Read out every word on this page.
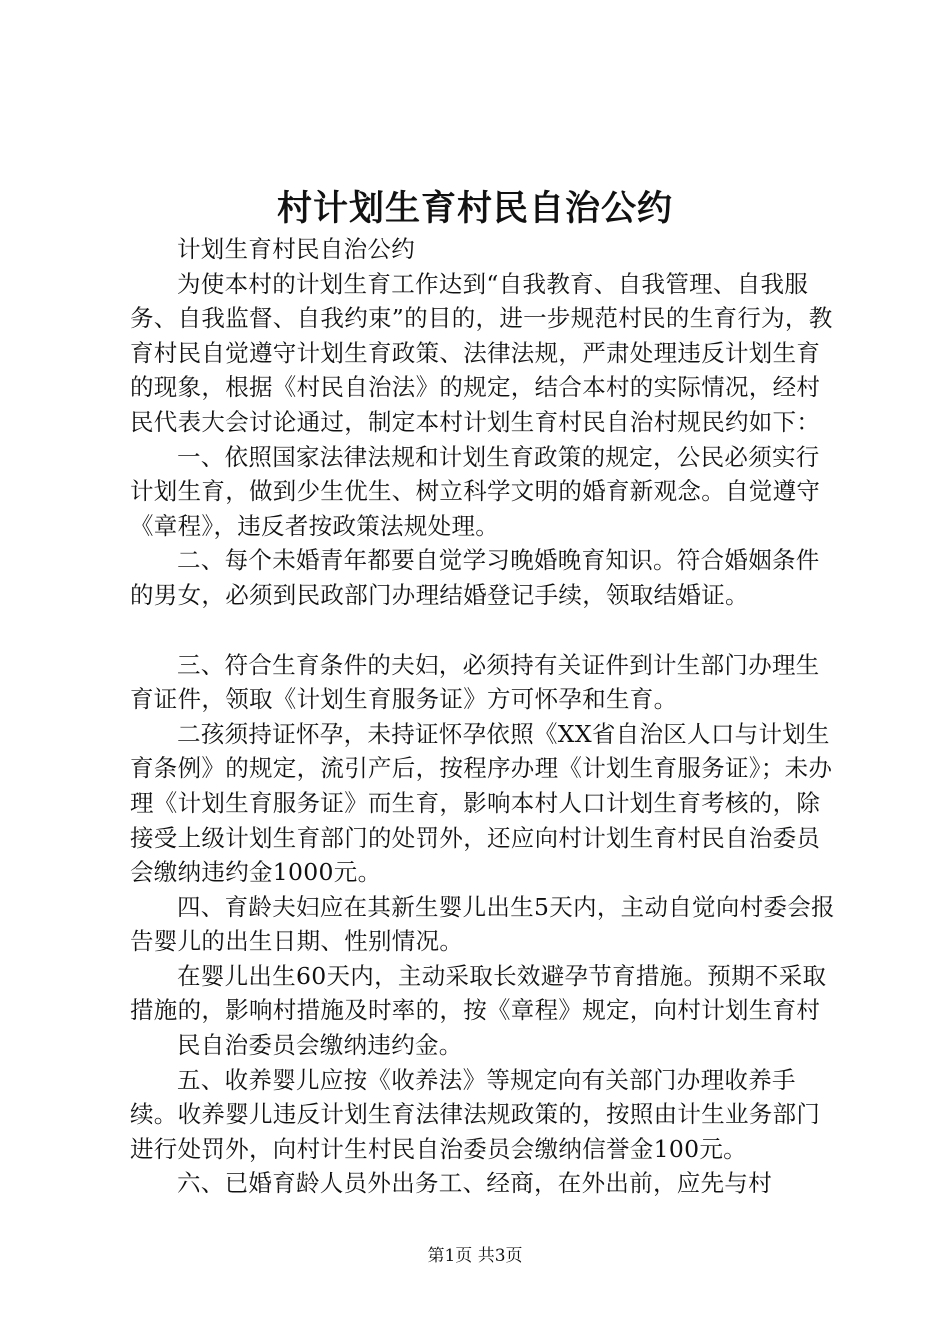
村计划生育村民自治公约

计划生育村民自治公约

为使本村的计划生育工作达到“自我教育、自我管理、自我服务、自我监督、自我约束”的目的，进一步规范村民的生育行为，教育村民自觉遵守计划生育政策、法律法规，严肃处理违反计划生育的现象，根据《村民自治法》的规定，结合本村的实际情况，经村民代表大会讨论通过，制定本村计划生育村民自治村规民约如下：

一、依照国家法律法规和计划生育政策的规定，公民必须实行计划生育，做到少生优生、树立科学文明的婚育新观念。自觉遵守《章程》，违反者按政策法规处理。

二、每个未婚青年都要自觉学习晚婚晚育知识。符合婚姻条件的男女，必须到民政部门办理结婚登记手续，领取结婚证。

三、符合生育条件的夫妇，必须持有关证件到计生部门办理生育证件，领取《计划生育服务证》方可怀孕和生育。

二孩须持证怀孕，未持证怀孕依照《XX省自治区人口与计划生育条例》的规定，流引产后，按程序办理《计划生育服务证》；未办理《计划生育服务证》而生育，影响本村人口计划生育考核的，除接受上级计划生育部门的处罚外，还应向村计划生育村民自治委员会缴纳违约金1000元。

四、育龄夫妇应在其新生婴儿出生5天内，主动自觉向村委会报告婴儿的出生日期、性别情况。

在婴儿出生60天内，主动采取长效避孕节育措施。预期不采取措施的，影响村措施及时率的，按《章程》规定，向村计划生育村

民自治委员会缴纳违约金。

五、收养婴儿应按《收养法》等规定向有关部门办理收养手续。收养婴儿违反计划生育法律法规政策的，按照由计生业务部门进行处罚外，向村计生村民自治委员会缴纳信誉金100元。

六、已婚育龄人员外出务工、经商，在外出前，应先与村

第1页 共3页
